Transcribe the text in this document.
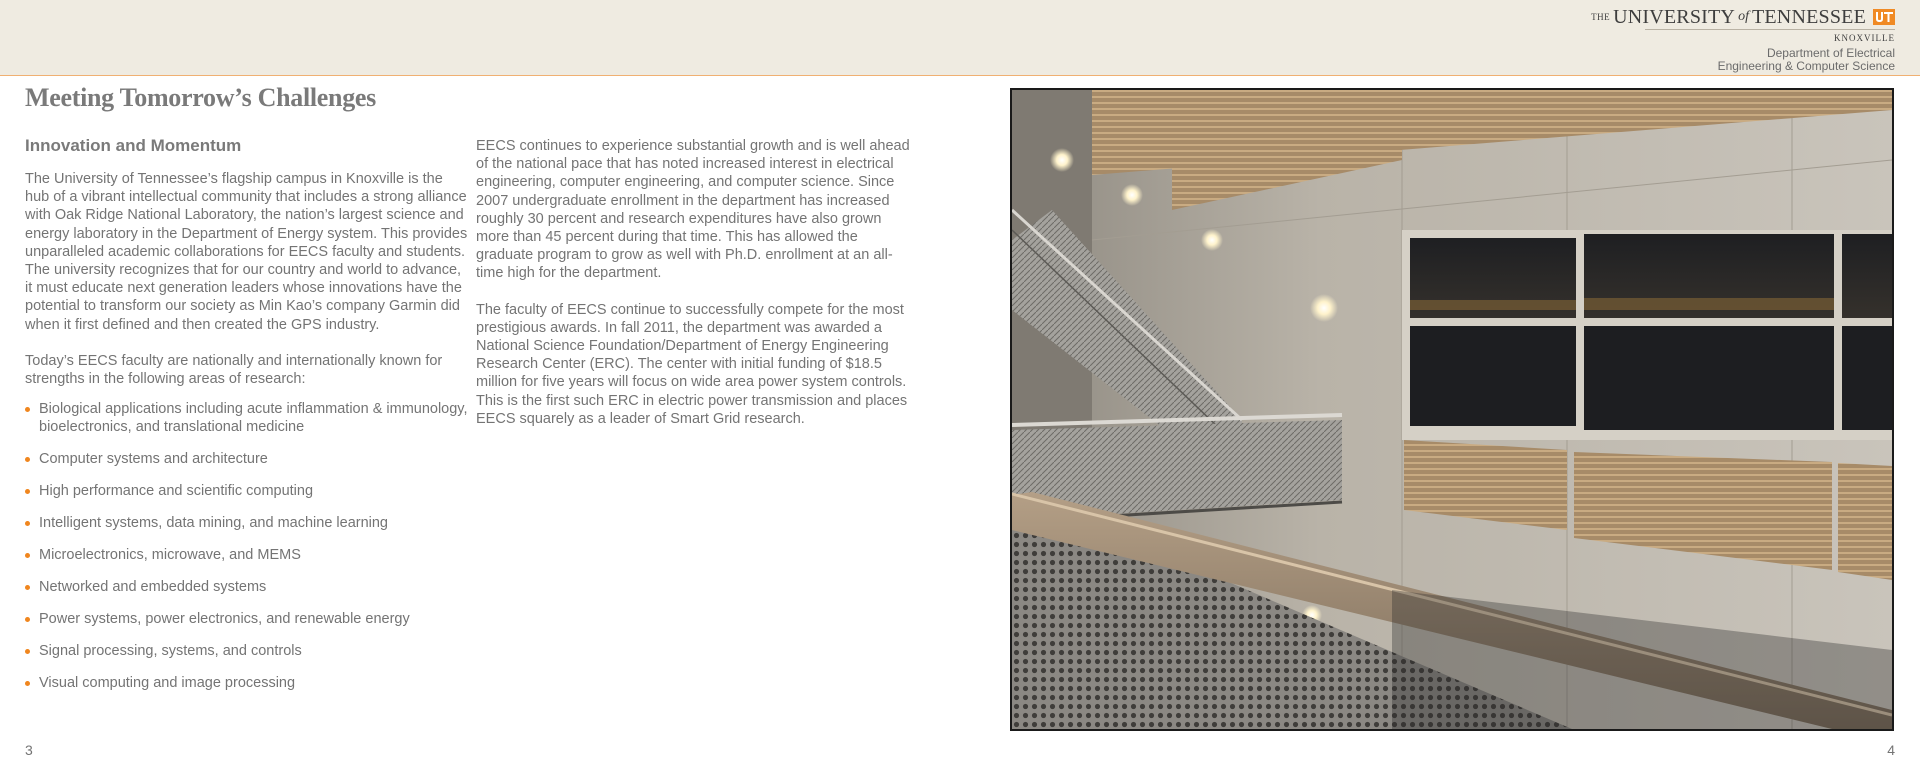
THE UNIVERSITY of TENNESSEE
KNOXVILLE
Department of Electrical
Engineering & Computer Science
Meeting Tomorrow’s Challenges
Innovation and Momentum

The University of Tennessee’s flagship campus in Knoxville is the hub of a vibrant intellectual community that includes a strong alliance with Oak Ridge National Laboratory, the nation’s largest science and energy laboratory in the Department of Energy system. This provides unparalleled academic collaborations for EECS faculty and students. The university recognizes that for our country and world to advance, it must educate next generation leaders whose innovations have the potential to transform our society as Min Kao’s company Garmin did when it first defined and then created the GPS industry.

Today’s EECS faculty are nationally and internationally known for strengths in the following areas of research:

Biological applications including acute inflammation & immunology, bioelectronics, and translational medicine
Computer systems and architecture
High performance and scientific computing
Intelligent systems, data mining, and machine learning
Microelectronics, microwave, and MEMS
Networked and embedded systems
Power systems, power electronics, and renewable energy
Signal processing, systems, and controls
Visual computing and image processing

EECS continues to experience substantial growth and is well ahead of the national pace that has noted increased interest in electrical engineering, computer engineering, and computer science. Since 2007 undergraduate enrollment in the department has increased roughly 30 percent and research expenditures have also grown more than 45 percent during that time. This has allowed the graduate program to grow as well with Ph.D. enrollment at an all-time high for the department.

The faculty of EECS continue to successfully compete for the most prestigious awards. In fall 2011, the department was awarded a National Science Foundation/Department of Energy Engineering Research Center (ERC). The center with initial funding of $18.5 million for five years will focus on wide area power system controls. This is the first such ERC in electric power transmission and places EECS squarely as a leader of Smart Grid research.

3	4
